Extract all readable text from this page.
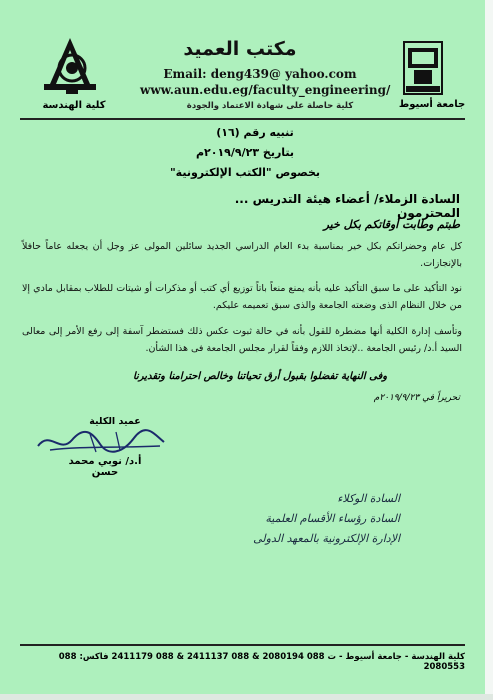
مكتب العميد
Email: deng439@ yahoo.com
www.aun.edu.eg/faculty_engineering/
كلية حاصلة على شهادة الاعتماد والجودة	جامعة أسيوط
كلية الهندسة
تنبيه رقم (١٦)
بتاريخ ٢٠١٩/٩/٢٣م
بخصوص "الكتب الإلكترونية"
السادة الزملاء/ أعضاء هيئة التدريس ... المحترمون
طبتم وطابت أوقاتكم بكل خير
كل عام وحضراتكم بكل خير بمناسبة بدء العام الدراسي الجديد سائلين المولى عز وجل أن يجعله عاماً حافلاً بالإنجازات.
نود التأكيد على ما سبق التأكيد عليه بأنه يمنع منعاً باتاً توزيع أي كتب أو مذكرات أو شيتات للطلاب بمقابل مادي إلا من خلال النظام الذى وضعته الجامعة والذى سبق تعميمه عليكم.
وتأسف إدارة الكلية أنها مضطرة للقول بأنه في حالة ثبوت عكس ذلك فستضطر آسفة إلى رفع الأمر إلى معالى السيد أ.د/ رئيس الجامعة ..لإتخاذ اللازم وفقاً لقرار مجلس الجامعة فى هذا الشأن.
وفى النهاية تفضلوا بقبول أرق تحياتنا وخالص احترامنا وتقديرنا
تحريراً في ٢٠١٩/٩/٢٣م
عميد الكلية
أ.د/ نوبي محمد حسن
السادة الوكلاء
السادة رؤساء الأقسام العلمية
الإدارة الإلكترونية بالمعهد الدولى
كلية الهندسة - جامعة أسيوط - ت 088 2080194 & 088 2411137 & 088 2411179 فاكس: 088 2080553
